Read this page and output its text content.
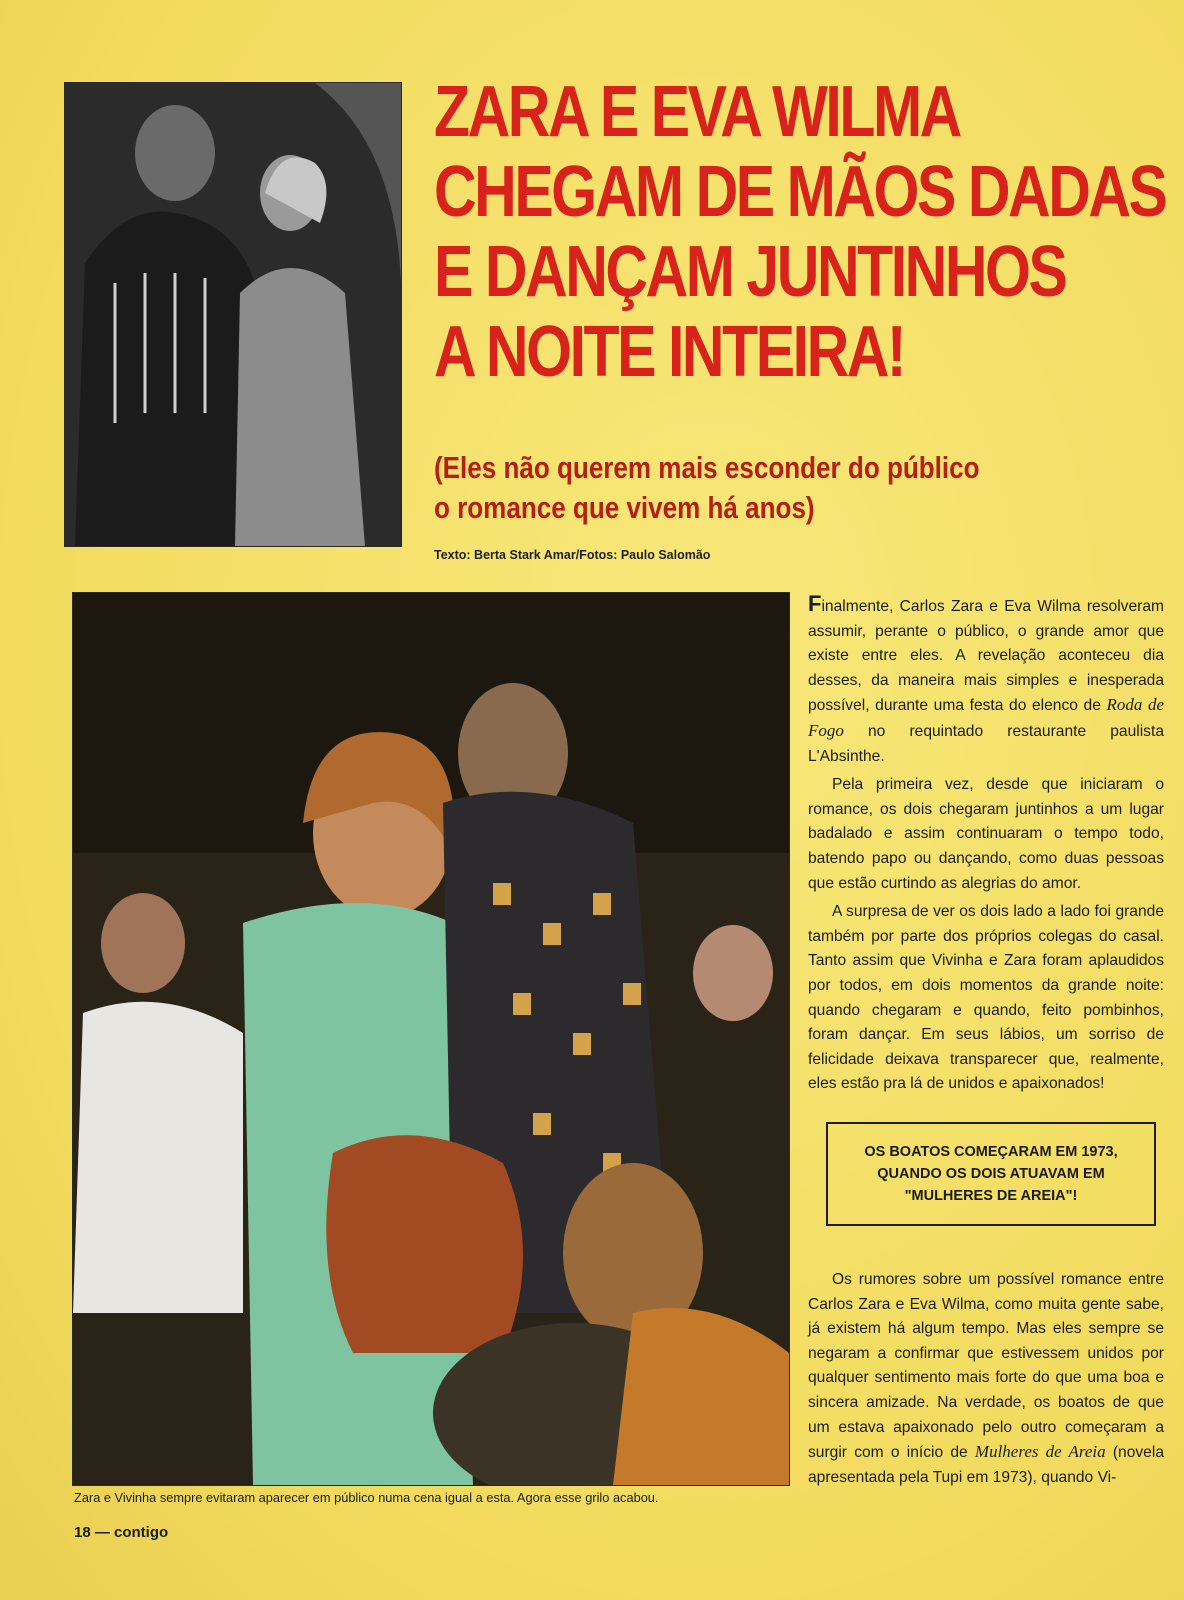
ZARA E EVA WILMA
CHEGAM DE MÃOS DADAS
E DANÇAM JUNTINHOS
A NOITE INTEIRA!
(Eles não querem mais esconder do público
o romance que vivem há anos)
Texto: Berta Stark Amar/Fotos: Paulo Salomão

Finalmente, Carlos Zara e Eva Wilma resolveram assumir, perante o público, o grande amor que existe entre eles. A revelação aconteceu dia desses, da maneira mais simples e inesperada possível, durante uma festa do elenco de Roda de Fogo no requintado restaurante paulista L'Absinthe.

Pela primeira vez, desde que iniciaram o romance, os dois chegaram juntinhos a um lugar badalado e assim continuaram o tempo todo, batendo papo ou dançando, como duas pessoas que estão curtindo as alegrias do amor.

A surpresa de ver os dois lado a lado foi grande também por parte dos próprios colegas do casal. Tanto assim que Vivinha e Zara foram aplaudidos por todos, em dois momentos da grande noite: quando chegaram e quando, feito pombinhos, foram dançar. Em seus lábios, um sorriso de felicidade deixava transparecer que, realmente, eles estão pra lá de unidos e apaixonados!

OS BOATOS COMEÇARAM EM 1973, QUANDO OS DOIS ATUAVAM EM "MULHERES DE AREIA"!

Os rumores sobre um possível romance entre Carlos Zara e Eva Wilma, como muita gente sabe, já existem há algum tempo. Mas eles sempre se negaram a confirmar que estivessem unidos por qualquer sentimento mais forte do que uma boa e sincera amizade. Na verdade, os boatos de que um estava apaixonado pelo outro começaram a surgir com o início de Mulheres de Areia (novela apresentada pela Tupi em 1973), quando Vi-

Zara e Vivinha sempre evitaram aparecer em público numa cena igual a esta. Agora esse grilo acabou.
18 — contigo
